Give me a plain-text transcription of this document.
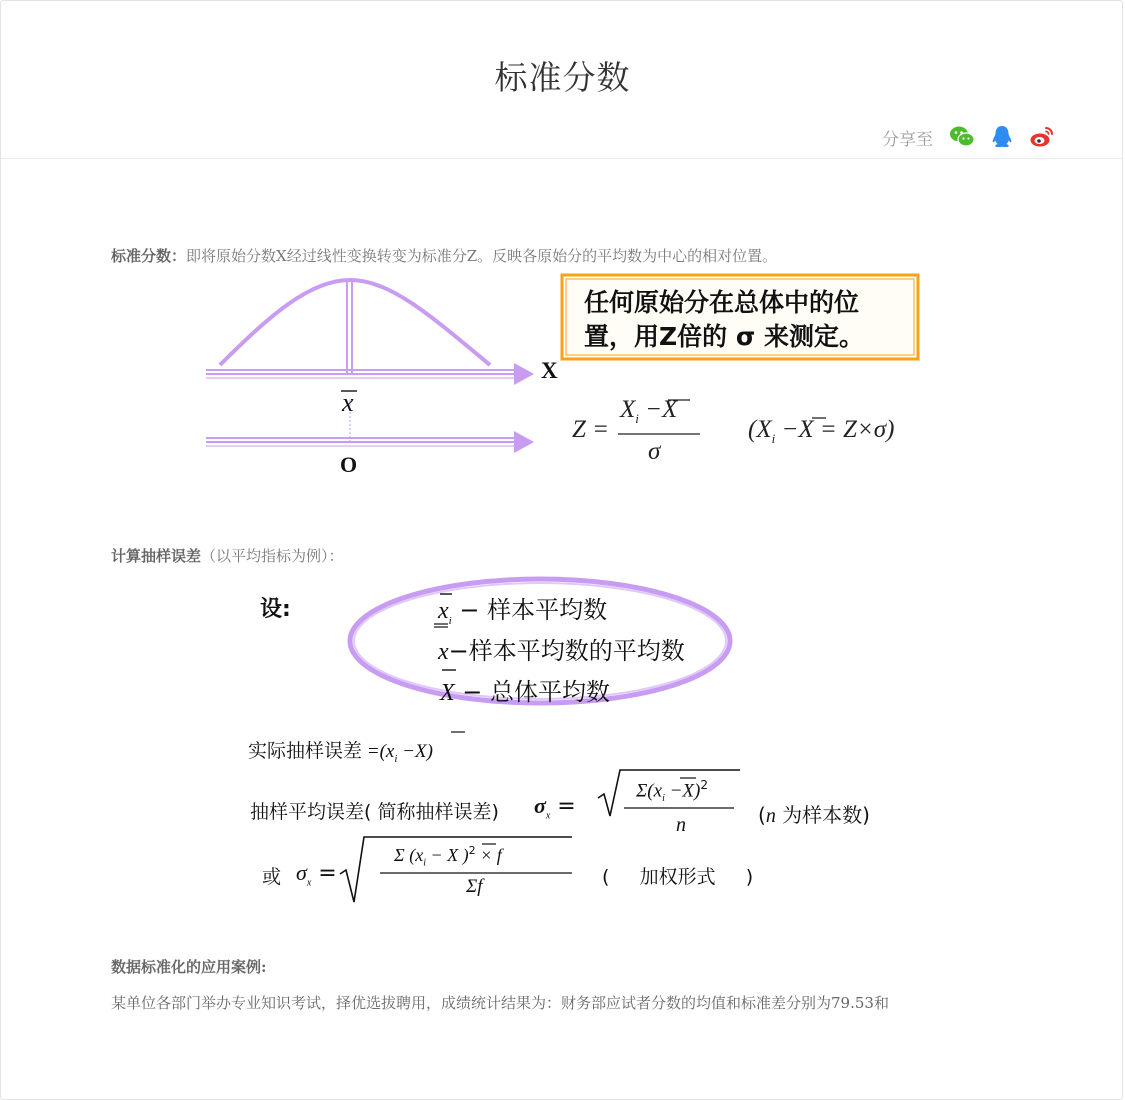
标准分数
分享至
标准分数：即将原始分数X经过线性变换转变为标准分Z。反映各原始分的平均数为中心的相对位置。
任何原始分在总体中的位
置，用Z倍的 σ 来测定。
X
x
O
Z =
$X_i -X$
σ
$(X_i -X = Z\times\sigma)$
计算抽样误差（以平均指标为例）：
设:	$x_i$ − 样本平均数
x−样本平均数的平均数
X − 总体平均数
实际抽样误差 $=(x_i -X)$
抽样平均误差( 简称抽样误差) $\sigma_x$ =
$\Sigma(x_i -X)^2$
n	(n 为样本数)
或 $\sigma_x$ =
Σ ($x_i - X$ )$^2$ × f
Σf	(     加权形式     )
数据标准化的应用案例:
某单位各部门举办专业知识考试，择优选拔聘用，成绩统计结果为：财务部应试者分数的均值和标准差分别为79.53和
